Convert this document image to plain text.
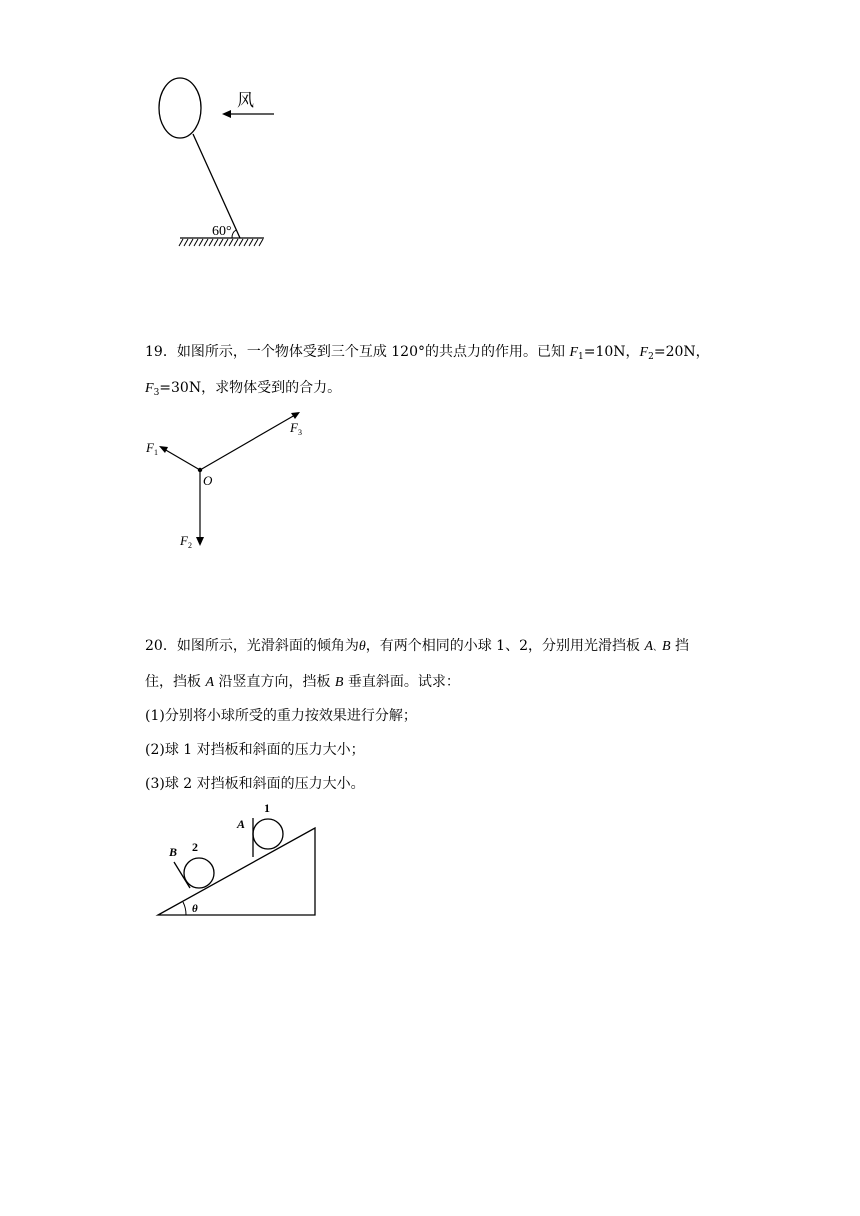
60°
风
19．如图所示，一个物体受到三个互成 120°的共点力的作用。已知 $F_1=10N$，$F_2=20N$，
$F_3=30N$，求物体受到的合力。
$F_1$
$F_3$
$F_2$
O
20．如图所示，光滑斜面的倾角为θ，有两个相同的小球 1、2，分别用光滑挡板 A、B 挡
住，挡板 A 沿竖直方向，挡板 B 垂直斜面。试求：
(1)分别将小球所受的重力按效果进行分解；
(2)球 1 对挡板和斜面的压力大小；
(3)球 2 对挡板和斜面的压力大小。
θ
1
A
2
B
